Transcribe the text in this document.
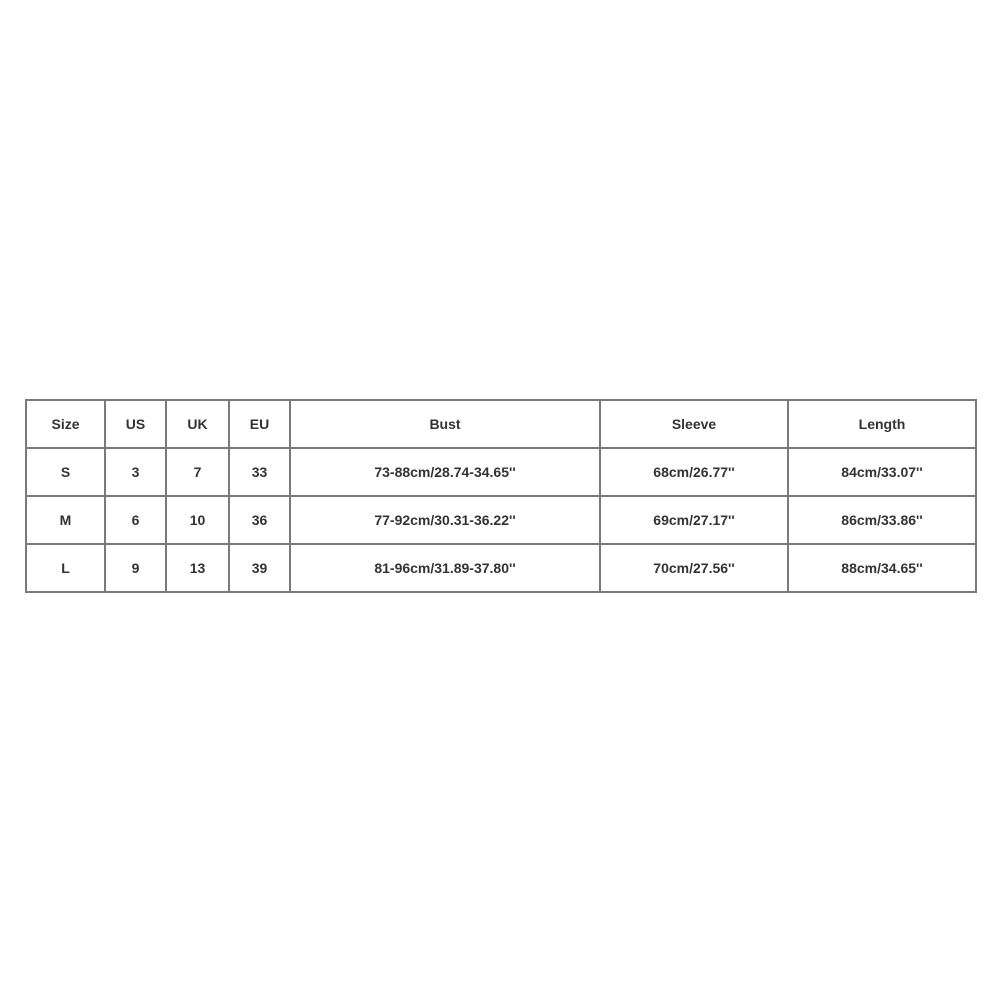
Size	US	UK	EU	Bust	Sleeve	Length
S	3	7	33	73-88cm/28.74-34.65''	68cm/26.77''	84cm/33.07''
M	6	10	36	77-92cm/30.31-36.22''	69cm/27.17''	86cm/33.86''
L	9	13	39	81-96cm/31.89-37.80''	70cm/27.56''	88cm/34.65''
